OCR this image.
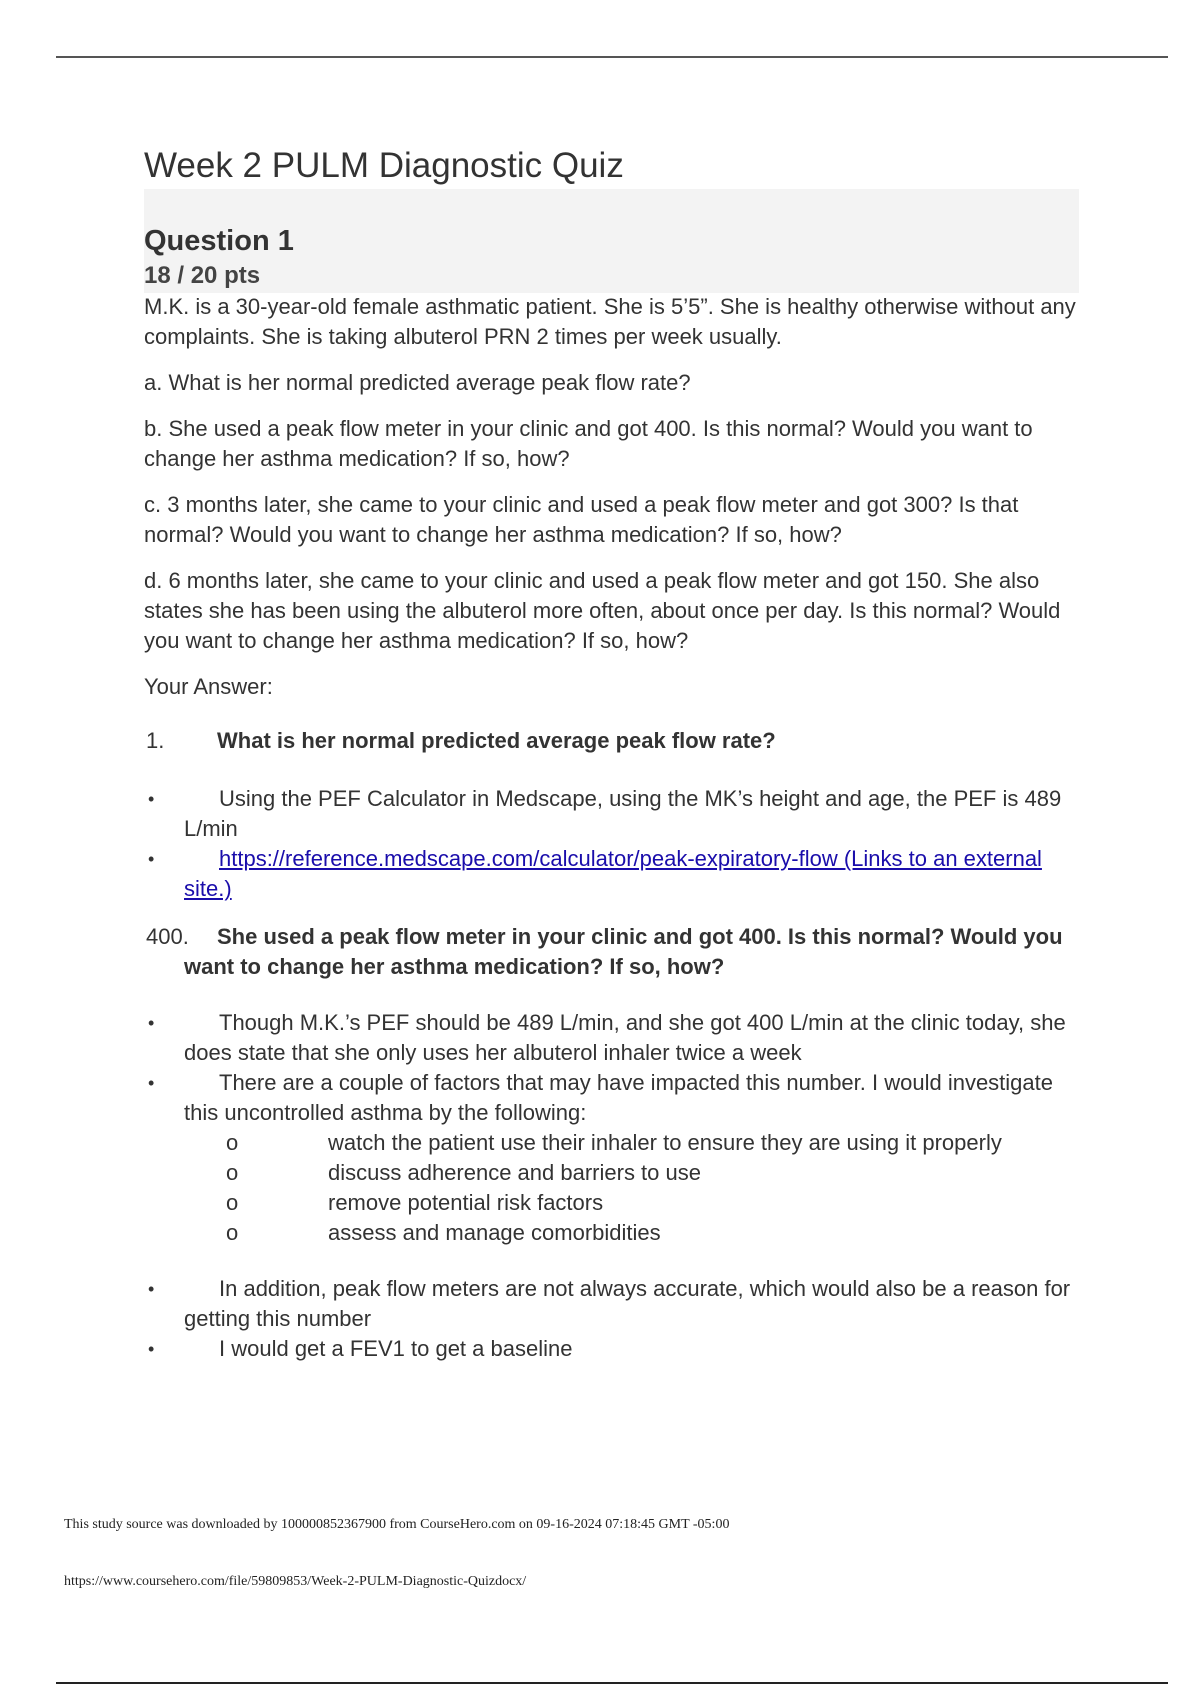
Week 2 PULM Diagnostic Quiz
Question 1
18 / 20 pts

M.K. is a 30-year-old female asthmatic patient. She is 5’5”. She is healthy otherwise without any complaints. She is taking albuterol PRN 2 times per week usually.

a. What is her normal predicted average peak flow rate?

b. She used a peak flow meter in your clinic and got 400. Is this normal? Would you want to change her asthma medication? If so, how?

c. 3 months later, she came to your clinic and used a peak flow meter and got 300? Is that normal? Would you want to change her asthma medication? If so, how?

d. 6 months later, she came to your clinic and used a peak flow meter and got 150. She also states she has been using the albuterol more often, about once per day. Is this normal? Would you want to change her asthma medication? If so, how?

Your Answer:

1. What is her normal predicted average peak flow rate?
•	Using the PEF Calculator in Medscape, using the MK’s height and age, the PEF is 489 L/min
•	https://reference.medscape.com/calculator/peak-expiratory-flow (Links to an external site.)
400. She used a peak flow meter in your clinic and got 400. Is this normal? Would you want to change her asthma medication? If so, how?
•	Though M.K.’s PEF should be 489 L/min, and she got 400 L/min at the clinic today, she does state that she only uses her albuterol inhaler twice a week
•	There are a couple of factors that may have impacted this number. I would investigate this uncontrolled asthma by the following:
o	watch the patient use their inhaler to ensure they are using it properly
o	discuss adherence and barriers to use
o	remove potential risk factors
o	assess and manage comorbidities
•	In addition, peak flow meters are not always accurate, which would also be a reason for getting this number
•	I would get a FEV1 to get a baseline
This study source was downloaded by 100000852367900 from CourseHero.com on 09-16-2024 07:18:45 GMT -05:00
https://www.coursehero.com/file/59809853/Week-2-PULM-Diagnostic-Quizdocx/
